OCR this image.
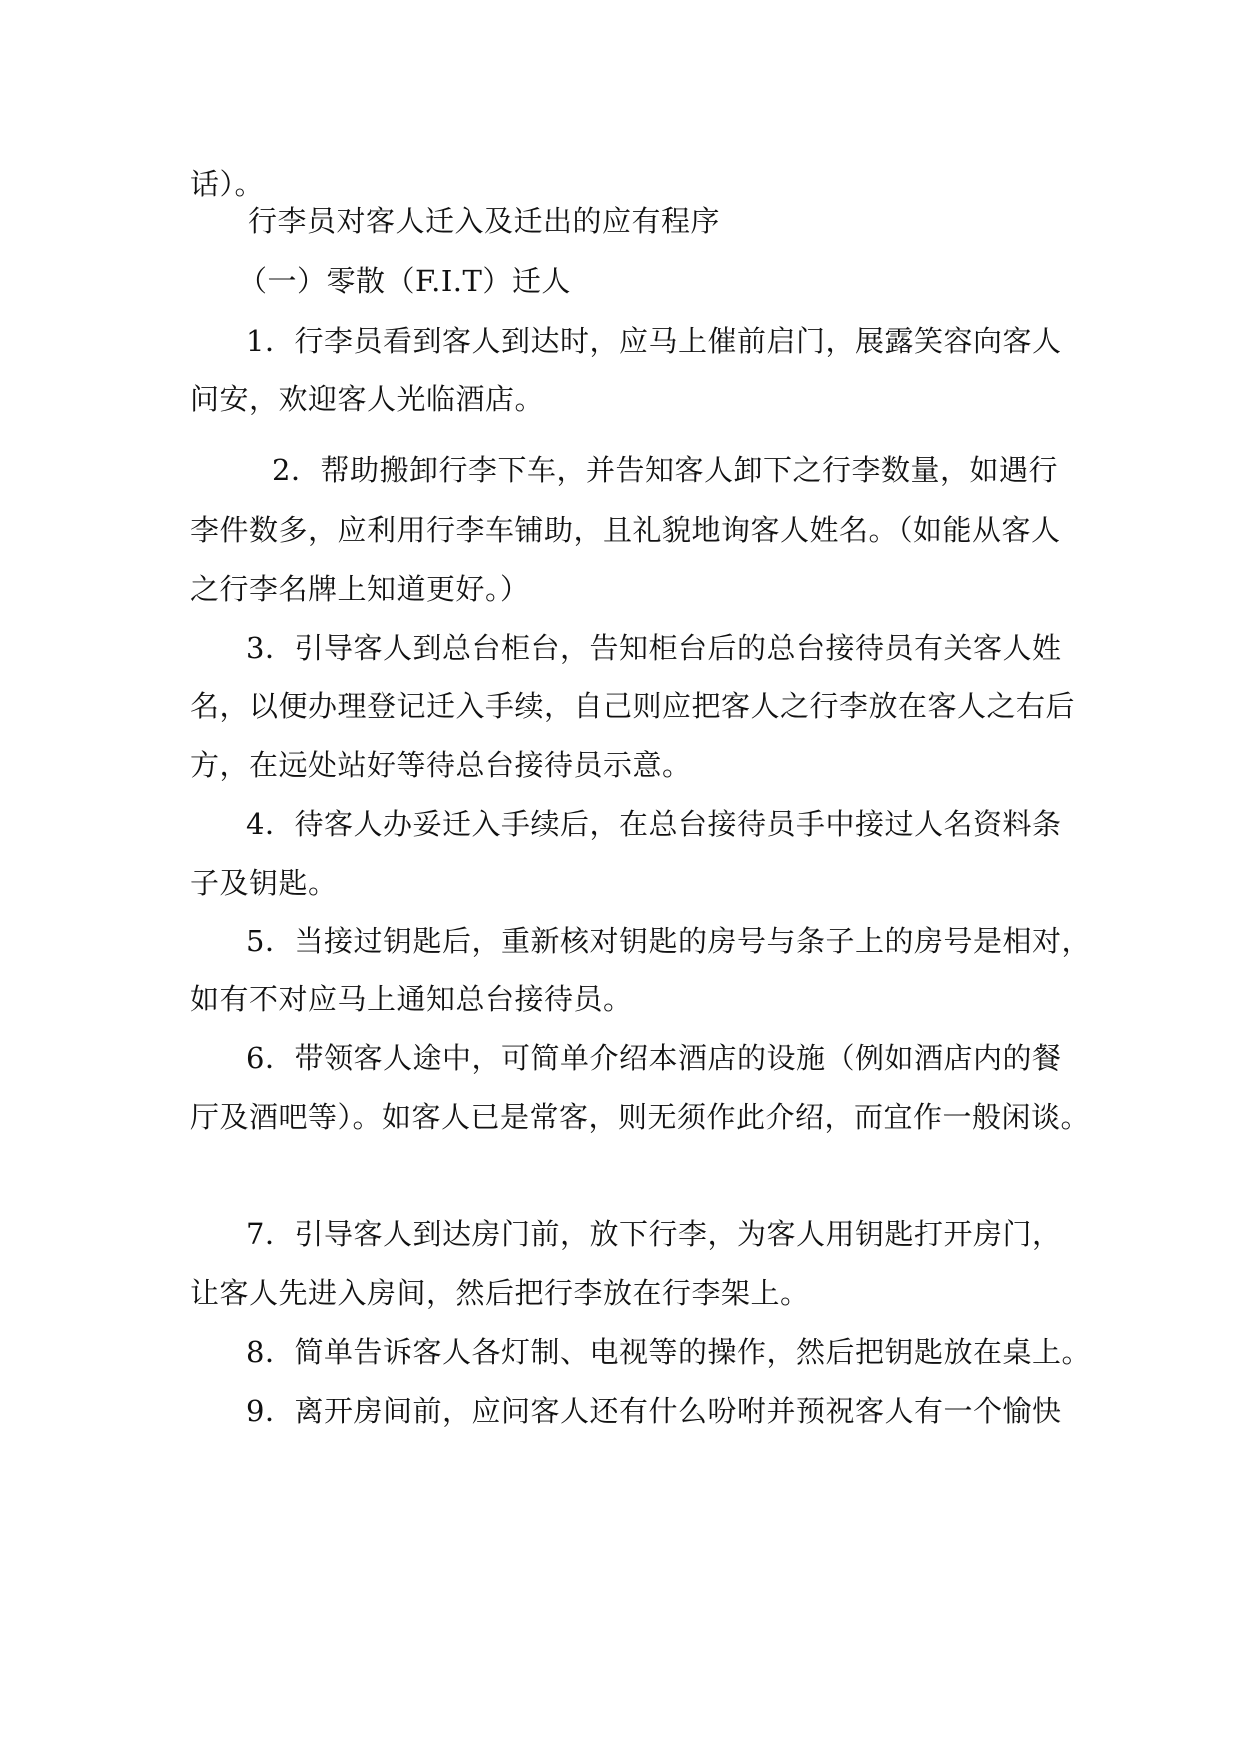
话）。
行李员对客人迁入及迁出的应有程序
（一）零散（F.I.T）迁人
1．行李员看到客人到达时，应马上催前启门，展露笑容向客人
问安，欢迎客人光临酒店。
2．帮助搬卸行李下车，并告知客人卸下之行李数量，如遇行
李件数多，应利用行李车铺助，且礼貌地询客人姓名。（如能从客人
之行李名牌上知道更好。）
3．引导客人到总台柜台，告知柜台后的总台接待员有关客人姓
名，以便办理登记迁入手续，自己则应把客人之行李放在客人之右后
方，在远处站好等待总台接待员示意。
4．待客人办妥迁入手续后，在总台接待员手中接过人名资料条
子及钥匙。
5．当接过钥匙后，重新核对钥匙的房号与条子上的房号是相对，
如有不对应马上通知总台接待员。
6．带领客人途中，可简单介绍本酒店的设施（例如酒店内的餐
厅及酒吧等）。如客人已是常客，则无须作此介绍，而宜作一般闲谈。
7．引导客人到达房门前，放下行李，为客人用钥匙打开房门，
让客人先进入房间，然后把行李放在行李架上。
8．简单告诉客人各灯制、电视等的操作，然后把钥匙放在桌上。
9．离开房间前，应问客人还有什么吩咐并预祝客人有一个愉快
